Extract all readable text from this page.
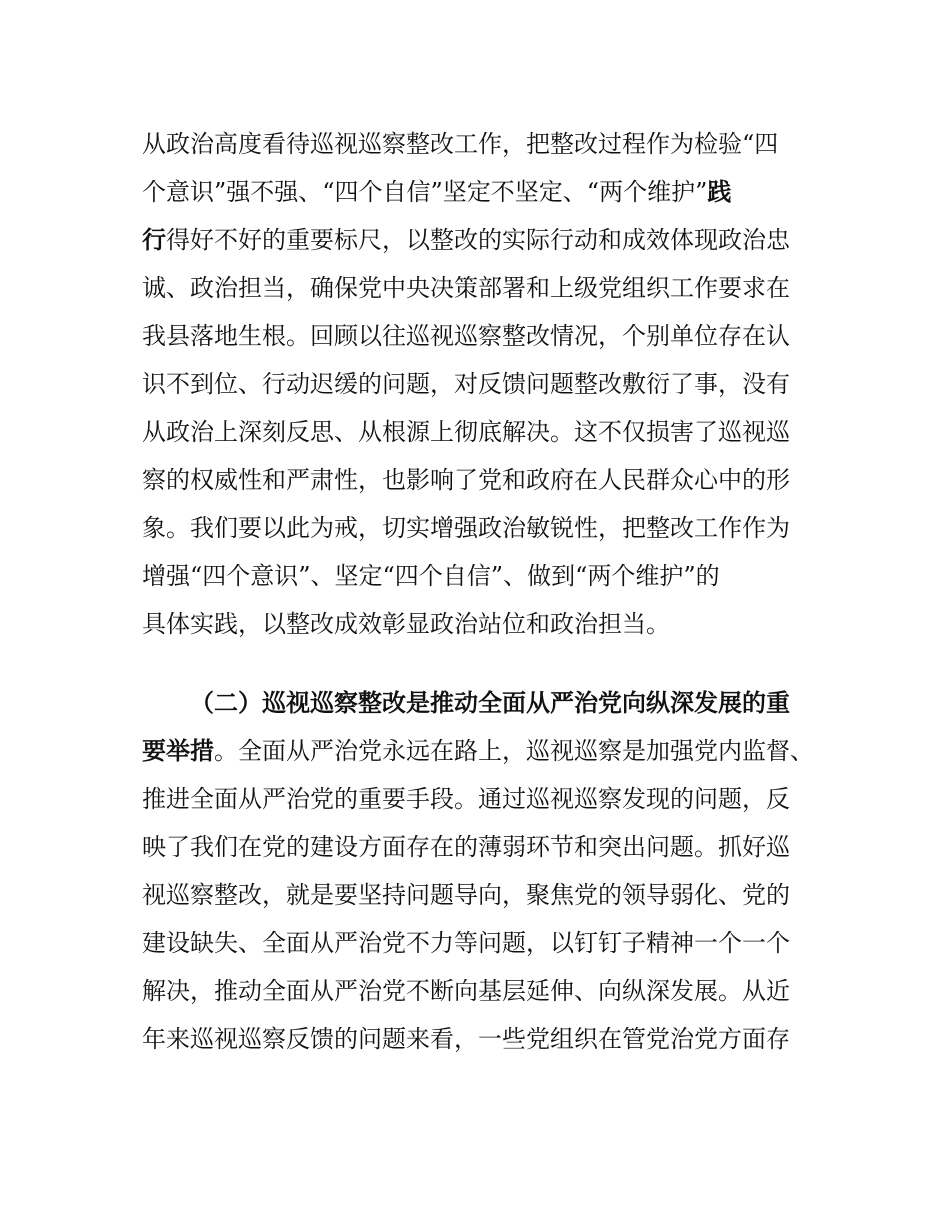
从政治高度看待巡视巡察整改工作，把整改过程作为检验“四

个意识”强不强、“四个自信”坚定不坚定、“两个维护”践

行得好不好的重要标尺，以整改的实际行动和成效体现政治忠

诚、政治担当，确保党中央决策部署和上级党组织工作要求在

我县落地生根。回顾以往巡视巡察整改情况，个别单位存在认

识不到位、行动迟缓的问题，对反馈问题整改敷衍了事，没有

从政治上深刻反思、从根源上彻底解决。这不仅损害了巡视巡

察的权威性和严肃性，也影响了党和政府在人民群众心中的形

象。我们要以此为戒，切实增强政治敏锐性，把整改工作作为

增强“四个意识”、坚定“四个自信”、做到“两个维护”的

具体实践，以整改成效彰显政治站位和政治担当。

（二）巡视巡察整改是推动全面从严治党向纵深发展的重

要举措。全面从严治党永远在路上，巡视巡察是加强党内监督、

推进全面从严治党的重要手段。通过巡视巡察发现的问题，反

映了我们在党的建设方面存在的薄弱环节和突出问题。抓好巡

视巡察整改，就是要坚持问题导向，聚焦党的领导弱化、党的

建设缺失、全面从严治党不力等问题，以钉钉子精神一个一个

解决，推动全面从严治党不断向基层延伸、向纵深发展。从近

年来巡视巡察反馈的问题来看，一些党组织在管党治党方面存
